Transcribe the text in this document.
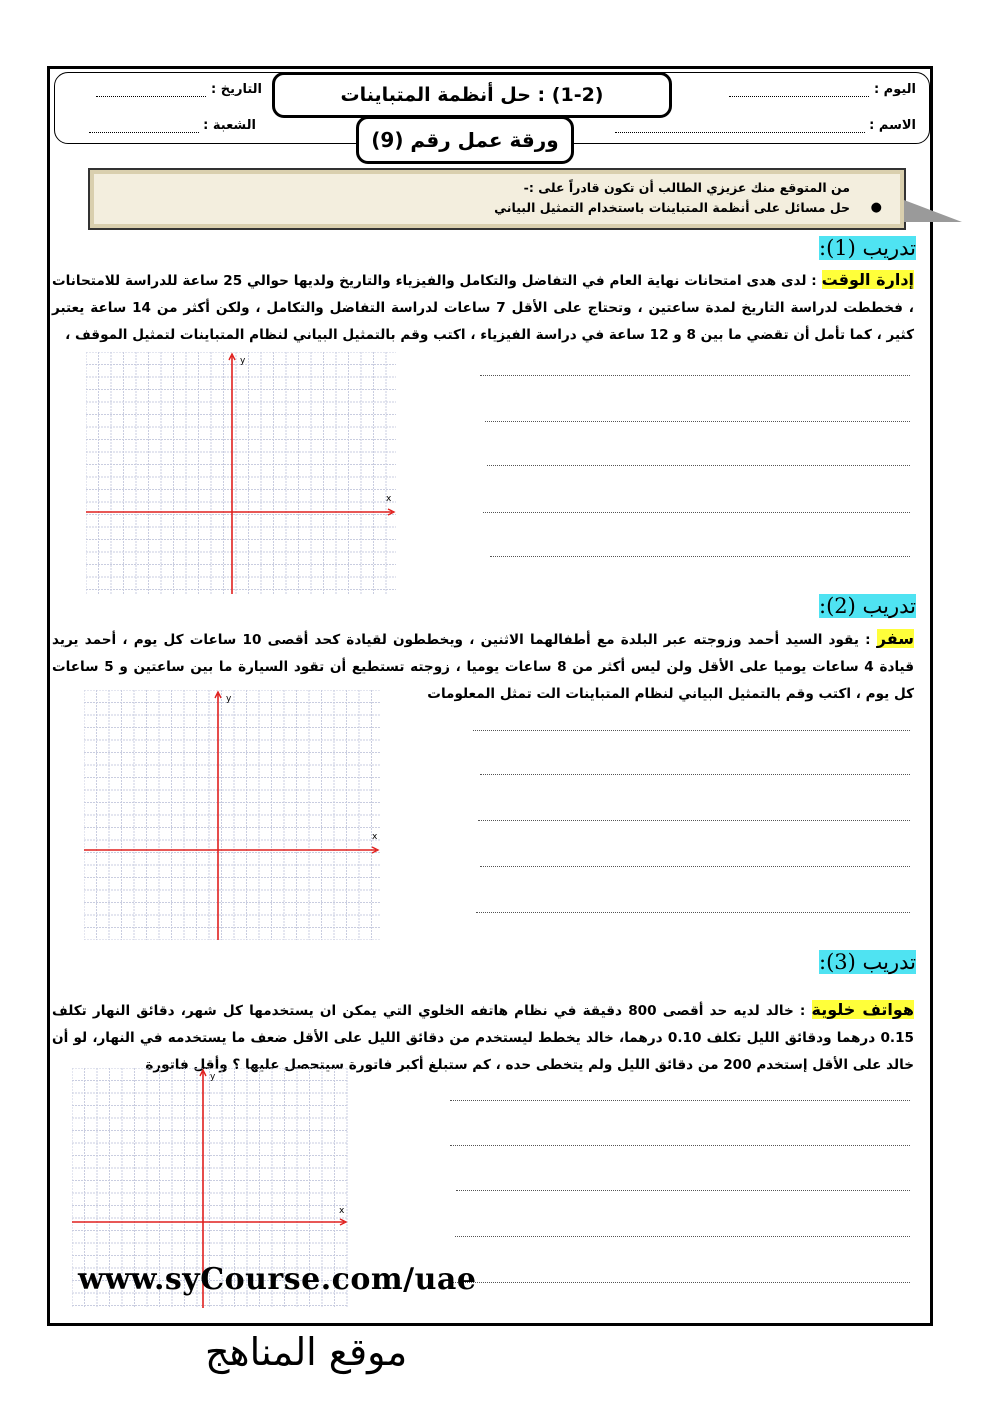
اليوم :
الاسم :
التاريخ :
الشعبة :
(1-2) : حل أنظمة المتباينات
ورقة عمل رقم (9)
من المتوقع منك عزيزي الطالب أن تكون قادراً على :-
●
حل مسائل على أنظمة المتباينات باستخدام التمثيل البياني
تدريب (1):
إدارة الوقت : لدى هدى امتحانات نهاية العام في التفاضل والتكامل والفيزياء والتاريخ ولديها حوالي 25 ساعة للدراسة للامتحانات ، فخططت لدراسة التاريخ لمدة ساعتين ، وتحتاج على الأقل 7 ساعات لدراسة التفاضل والتكامل ، ولكن أكثر من 14 ساعة يعتبر كثير ، كما تأمل أن تقضي ما بين 8 و 12 ساعة في دراسة الفيزياء ، اكتب وقم بالتمثيل البياني لنظام المتباينات لتمثيل الموقف ،
x
y
تدريب (2):
سفر : يقود السيد أحمد وزوجته عبر البلدة مع أطفالهما الاثنين ، ويخططون لقيادة كحد أقصى 10 ساعات كل يوم ، أحمد يريد قيادة 4 ساعات يوميا على الأقل ولن ليس أكثر من 8 ساعات يوميا ، زوجته تستطيع أن تقود السيارة ما بين ساعتين و 5 ساعات كل يوم ، اكتب وقم بالتمثيل البياني لنظام المتباينات الت تمثل المعلومات
x
y
تدريب (3):
هواتف خلوية : خالد لديه حد أقصى 800 دقيقة في نظام هاتفه الخلوي التي يمكن ان يستخدمها كل شهر، دقائق النهار تكلف 0.15 درهما ودقائق الليل تكلف 0.10 درهما، خالد يخطط ليستخدم من دقائق الليل على الأقل ضعف ما يستخدمه في النهار، لو أن خالد على الأقل إستخدم 200 من دقائق الليل ولم يتخطى حده ، كم ستبلغ أكبر فاتورة سيتحصل عليها ؟ وأقل فاتورة
x
y
www.syCourse.com/uae
موقع المناهج
